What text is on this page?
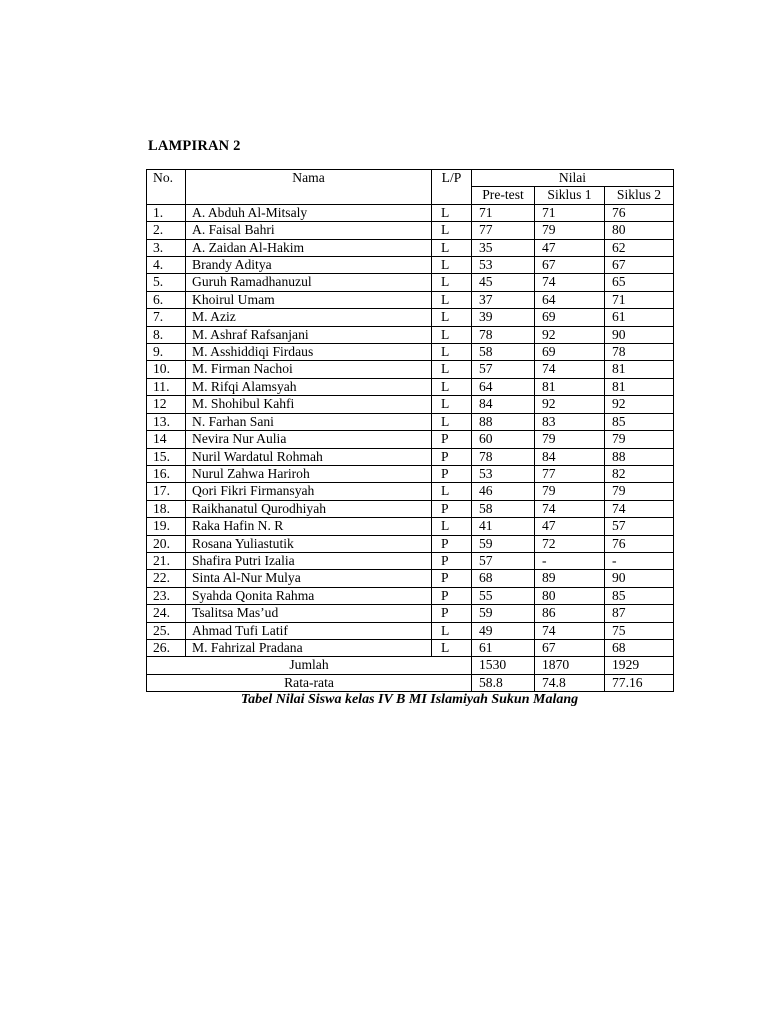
LAMPIRAN 2
No.	Nama	L/P	Nilai		
			Pre-test	Siklus 1	Siklus 2
1.	A. Abduh Al-Mitsaly	L	71	71	76
2.	A. Faisal Bahri	L	77	79	80
3.	A. Zaidan Al-Hakim	L	35	47	62
4.	Brandy Aditya	L	53	67	67
5.	Guruh Ramadhanuzul	L	45	74	65
6.	Khoirul Umam	L	37	64	71
7.	M. Aziz	L	39	69	61
8.	M. Ashraf Rafsanjani	L	78	92	90
9.	M. Asshiddiqi Firdaus	L	58	69	78
10.	M. Firman Nachoi	L	57	74	81
11.	M. Rifqi Alamsyah	L	64	81	81
12	M. Shohibul Kahfi	L	84	92	92
13.	N. Farhan Sani	L	88	83	85
14	Nevira Nur Aulia	P	60	79	79
15.	Nuril Wardatul Rohmah	P	78	84	88
16.	Nurul Zahwa Hariroh	P	53	77	82
17.	Qori Fikri Firmansyah	L	46	79	79
18.	Raikhanatul Qurodhiyah	P	58	74	74
19.	Raka Hafin N. R	L	41	47	57
20.	Rosana Yuliastutik	P	59	72	76
21.	Shafira Putri Izalia	P	57	-	-
22.	Sinta Al-Nur Mulya	P	68	89	90
23.	Syahda Qonita Rahma	P	55	80	85
24.	Tsalitsa Mas’ud	P	59	86	87
25.	Ahmad Tufi Latif	L	49	74	75
26.	M. Fahrizal Pradana	L	61	67	68
Jumlah			1530	1870	1929
Rata-rata			58.8	74.8	77.16
Tabel Nilai Siswa kelas IV B MI Islamiyah Sukun Malang
